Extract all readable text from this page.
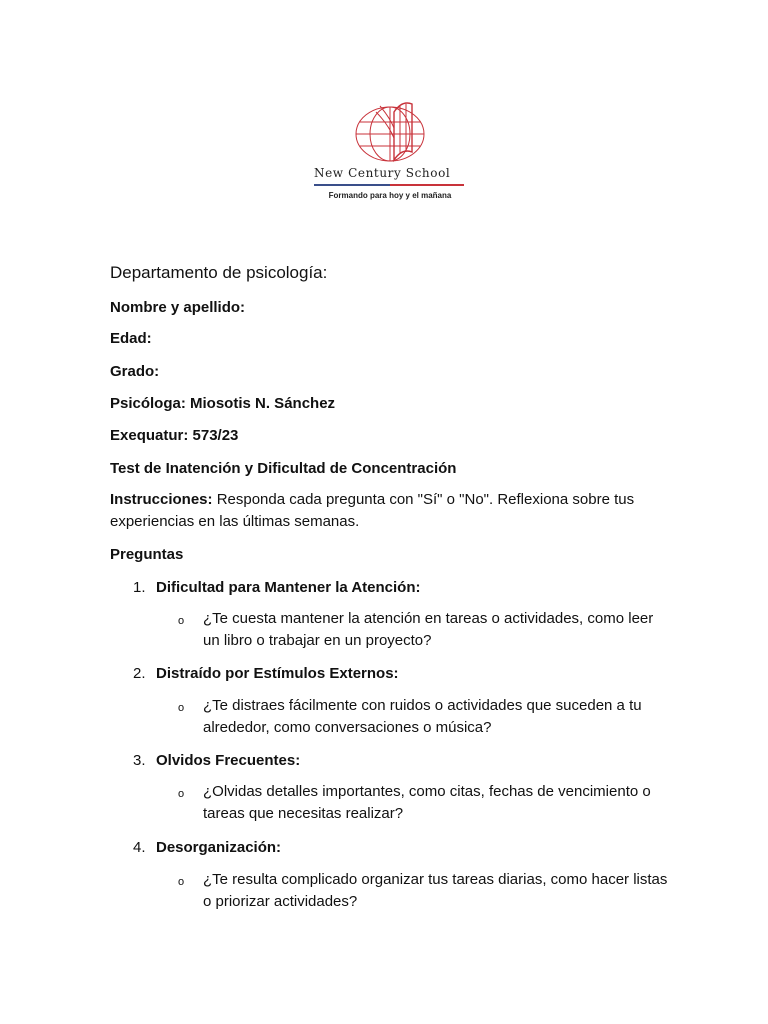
New Century School
Formando para hoy y el mañana
Departamento de psicología:
Nombre y apellido:
Edad:
Grado:
Psicóloga: Miosotis N. Sánchez
Exequatur: 573/23
Test de Inatención y Dificultad de Concentración
Instrucciones: Responda cada pregunta con "Sí" o "No". Reflexiona sobre tus experiencias en las últimas semanas.
Preguntas
1. Dificultad para Mantener la Atención:
o ¿Te cuesta mantener la atención en tareas o actividades, como leer un libro o trabajar en un proyecto?
2. Distraído por Estímulos Externos:
o ¿Te distraes fácilmente con ruidos o actividades que suceden a tu alrededor, como conversaciones o música?
3. Olvidos Frecuentes:
o ¿Olvidas detalles importantes, como citas, fechas de vencimiento o tareas que necesitas realizar?
4. Desorganización:
o ¿Te resulta complicado organizar tus tareas diarias, como hacer listas o priorizar actividades?
